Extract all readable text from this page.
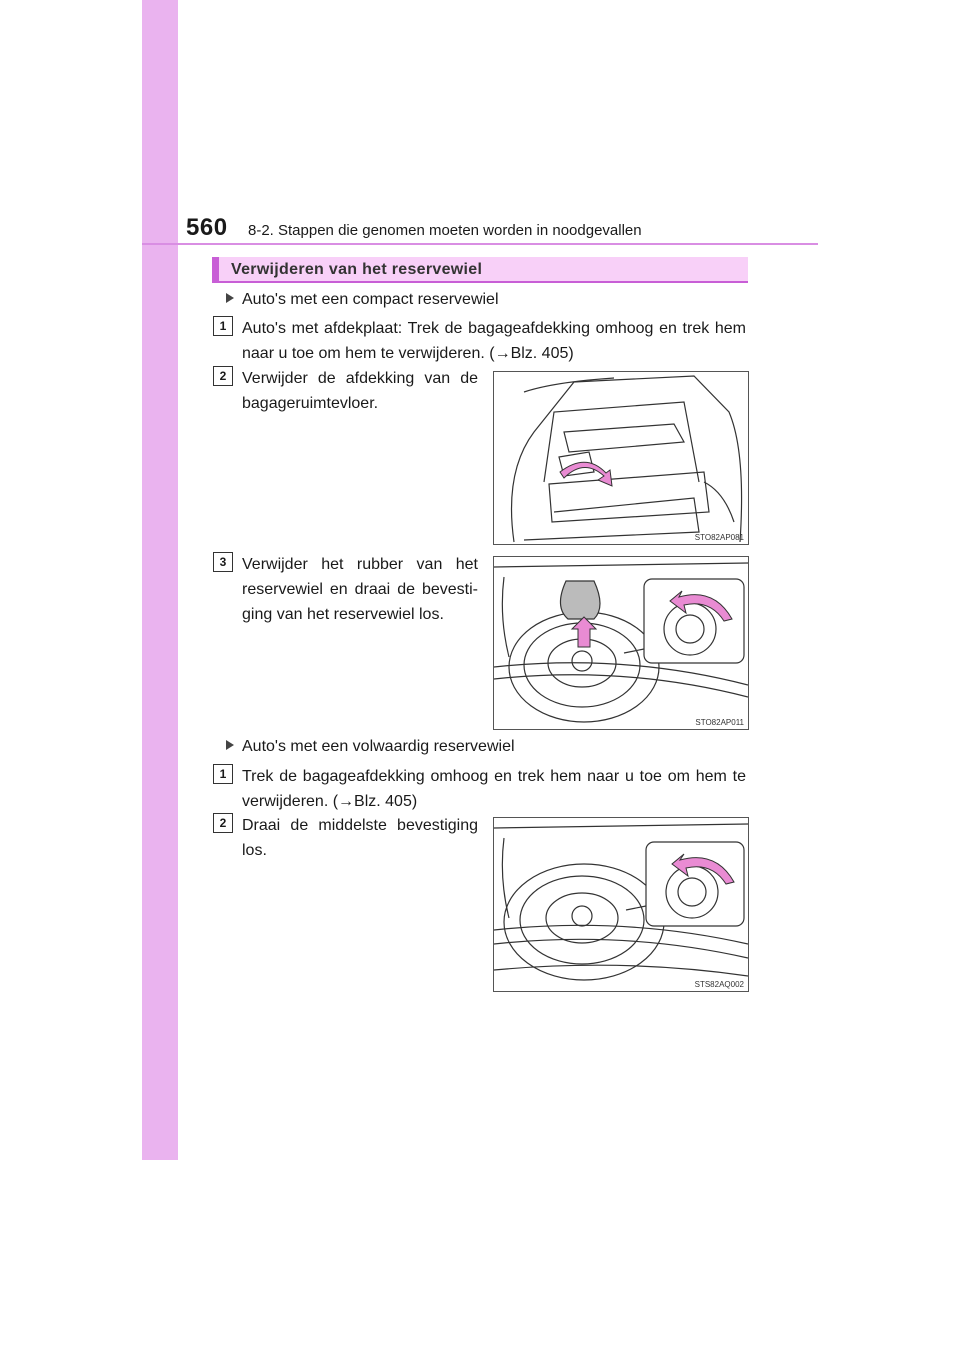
560 8-2. Stappen die genomen moeten worden in noodgevallen
Verwijderen van het reservewiel
Auto's met een compact reservewiel
1 Auto's met afdekplaat: Trek de bagageafdekking omhoog en trek hem naar u toe om hem te verwijderen. (→Blz. 405)
2 Verwijder de afdekking van de bagageruimtevloer.
STO82AP081
3 Verwijder het rubber van het reservewiel en draai de bevesti-ging van het reservewiel los.
STO82AP011
Auto's met een volwaardig reservewiel
1 Trek de bagageafdekking omhoog en trek hem naar u toe om hem te verwijderen. (→Blz. 405)
2 Draai de middelste bevestiging los.
STS82AQ002
